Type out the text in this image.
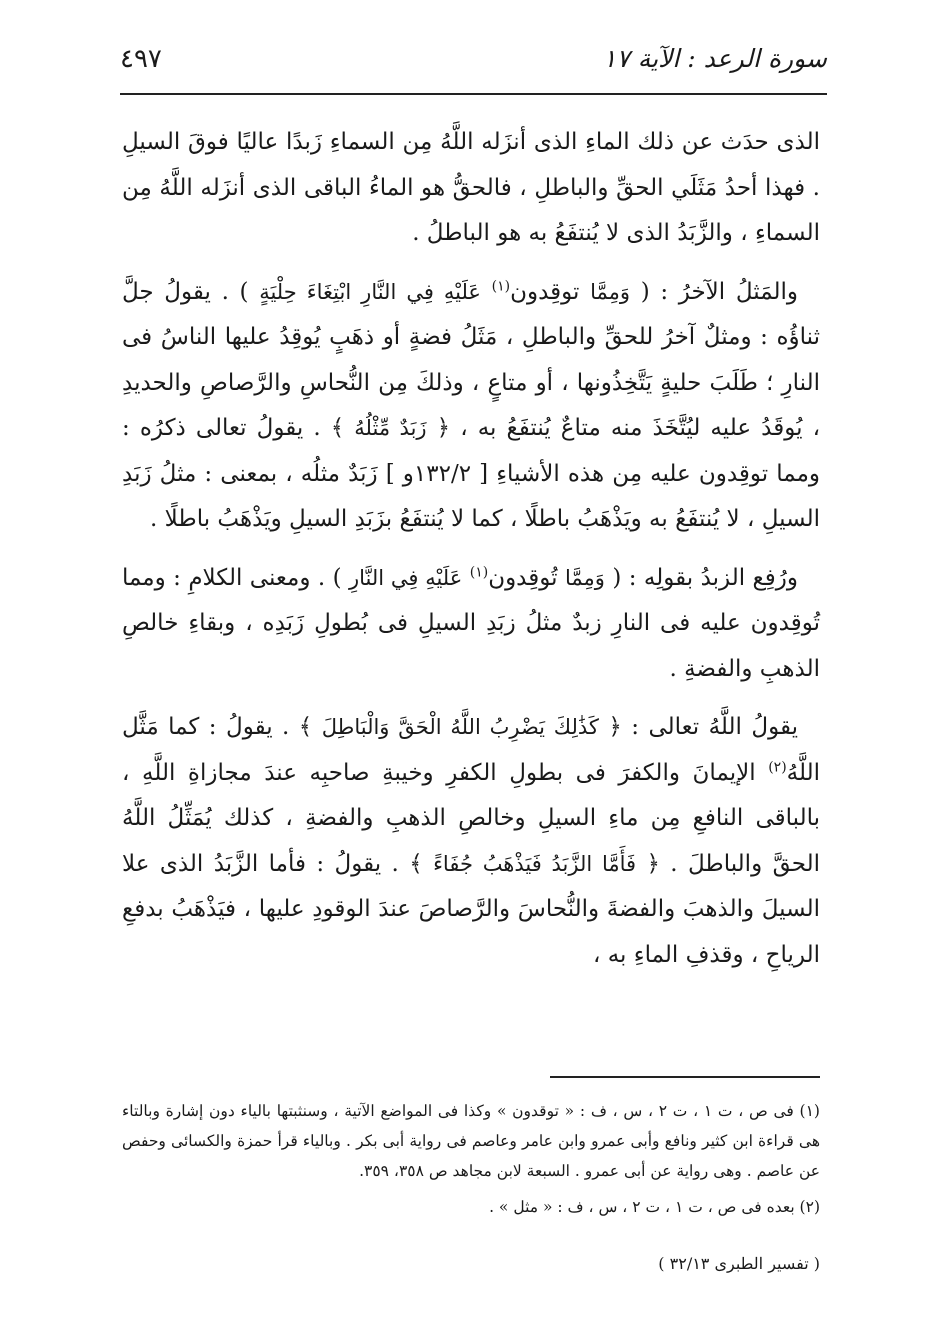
سورة الرعد : الآية ١٧
٤٩٧

الذى حدَث عن ذلك الماءِ الذى أنزَله اللَّهُ مِن السماءِ زَبدًا عاليًا فوقَ السيلِ . فهذا أحدُ مَثَلَي الحقِّ والباطلِ ، فالحقُّ هو الماءُ الباقى الذى أنزَله اللَّهُ مِن السماءِ ، والزَّبَدُ الذى لا يُنتفَعُ به هو الباطلُ .

والمَثلُ الآخرُ : ( وَمِمَّا توقِدون$^{(١)}$ عَلَيْهِ فِي النَّارِ ابْتِغَاءَ حِلْيَةٍ ) . يقولُ جلَّ ثناؤُه : ومثلٌ آخرُ للحقِّ والباطلِ ، مَثَلُ فضةٍ أو ذهَبٍ يُوقِدُ عليها الناسُ فى النارِ ؛ طَلَبَ حليةٍ يَتَّخِذُونها ، أو متاعٍ ، وذلكَ مِن النُّحاسِ والرَّصاصِ والحديدِ ، يُوقَدُ عليه ليُتَّخَذَ منه متاعٌ يُنتفَعُ به ، ﴿ زَبَدٌ مِّثْلُهُ ﴾ . يقولُ تعالى ذكرُه : ومما توقِدون عليه مِن هذه الأشياءِ [ ١٣٢/٢و ] زَبَدٌ مثلُه ، بمعنى : مثلُ زَبَدِ السيلِ ، لا يُنتفَعُ به ويَذْهَبُ باطلًا ، كما لا يُنتفَعُ بزَبَدِ السيلِ ويَذْهَبُ باطلًا .

ورُفِع الزبدُ بقولِه : ( وَمِمَّا تُوقِدون$^{(١)}$ عَلَيْهِ فِي النَّارِ ) . ومعنى الكلامِ : ومما تُوقِدون عليه فى النارِ زبدٌ مثلُ زبَدِ السيلِ فى بُطولِ زَبَدِه ، وبقاءِ خالصِ الذهبِ والفضةِ .

يقولُ اللَّهُ تعالى : ﴿ كَذَٰلِكَ يَضْرِبُ اللَّهُ الْحَقَّ وَالْبَاطِلَ ﴾ . يقولُ : كما مَثَّل اللَّهُ$^{(٢)}$ الإيمانَ والكفرَ فى بطولِ الكفرِ وخيبةِ صاحبِه عندَ مجازاةِ اللَّهِ ، بالباقى النافعِ مِن ماءِ السيلِ وخالصِ الذهبِ والفضةِ ، كذلك يُمَثِّلُ اللَّهُ الحقَّ والباطلَ . ﴿ فَأَمَّا الزَّبَدُ فَيَذْهَبُ جُفَاءً ﴾ . يقولُ : فأما الزَّبَدُ الذى علا السيلَ والذهبَ والفضةَ والنُّحاسَ والرَّصاصَ عندَ الوقودِ عليها ، فيَذْهَبُ بدفعِ الرياحِ ، وقذفِ الماءِ به ،

(١) فى ص ، ت ١ ، ت ٢ ، س ، ف : « توقدون » وكذا فى المواضع الآتية ، وسنثبتها بالياء دون إشارة وبالتاء هى قراءة ابن كثير ونافع وأبى عمرو وابن عامر وعاصم فى رواية أبى بكر . وبالياء قرأ حمزة والكسائى وحفص عن عاصم . وهى رواية عن أبى عمرو . السبعة لابن مجاهد ص ٣٥٨، ٣٥٩.

(٢) بعده فى ص ، ت ١ ، ت ٢ ، س ، ف : « مثل » .

( تفسير الطبرى ٣٢/١٣ )
